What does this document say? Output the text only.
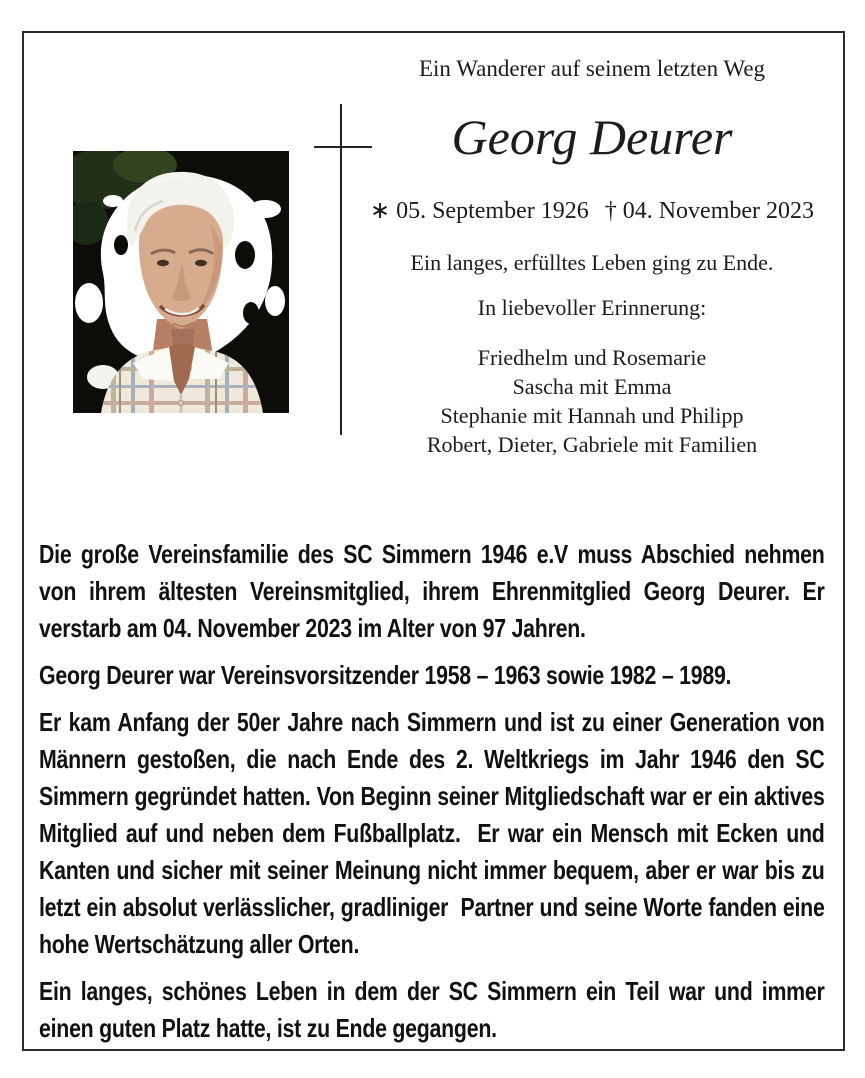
Ein Wanderer auf seinem letzten Weg
Georg Deurer
∗ 05. September 1926 † 04. November 2023
Ein langes, erfülltes Leben ging zu Ende.
In liebevoller Erinnerung:
Friedhelm und Rosemarie
Sascha mit Emma
Stephanie mit Hannah und Philipp
Robert, Dieter, Gabriele mit Familien

Die große Vereinsfamilie des SC Simmern 1946 e.V muss Abschied nehmen von ihrem ältesten Vereinsmitglied, ihrem Ehrenmitglied Georg Deurer. Er verstarb am 04. November 2023 im Alter von 97 Jahren.

Georg Deurer war Vereinsvorsitzender 1958 – 1963 sowie 1982 – 1989.

Er kam Anfang der 50er Jahre nach Simmern und ist zu einer Generation von Männern gestoßen, die nach Ende des 2. Weltkriegs im Jahr 1946 den SC Simmern gegründet hatten. Von Beginn seiner Mitgliedschaft war er ein aktives Mitglied auf und neben dem Fußballplatz.  Er war ein Mensch mit Ecken und Kanten und sicher mit seiner Meinung nicht immer bequem, aber er war bis zu letzt ein absolut verlässlicher, gradliniger  Partner und seine Worte fanden eine hohe Wertschätzung aller Orten.

Ein langes, schönes Leben in dem der SC Simmern ein Teil war und immer einen guten Platz hatte, ist zu Ende gegangen.
